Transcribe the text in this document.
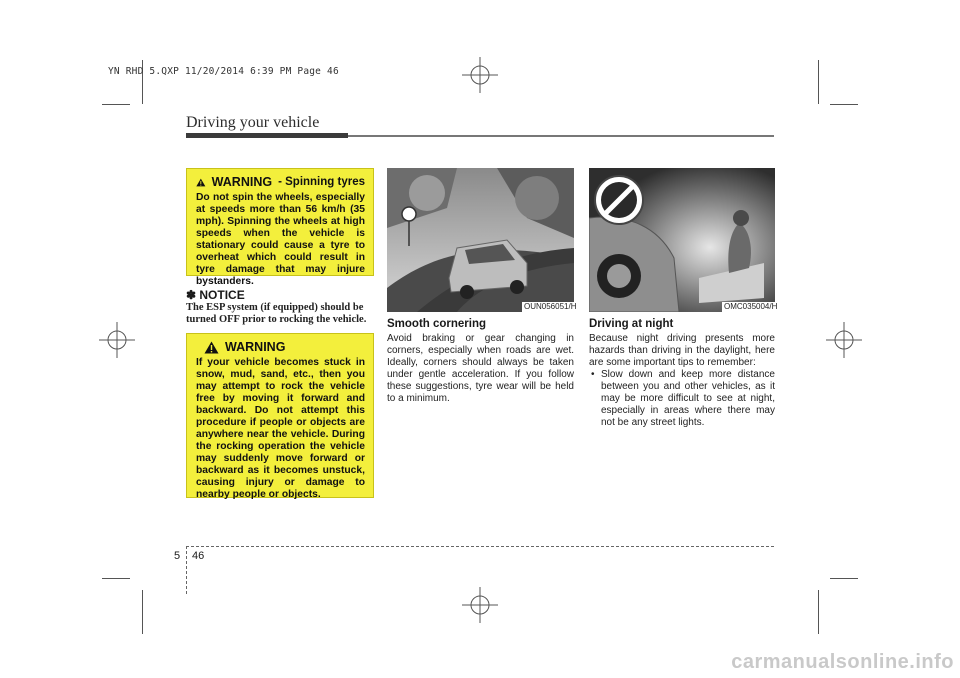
YN RHD 5.QXP 11/20/2014 6:39 PM Page 46
Driving your vehicle
WARNING - Spinning tyres
Do not spin the wheels, especially at speeds more than 56 km/h (35 mph). Spinning the wheels at high speeds when the vehicle is stationary could cause a tyre to overheat which could result in tyre damage that may injure bystanders.
✽ NOTICE
The ESP system (if equipped) should be turned OFF prior to rocking the vehicle.
WARNING
If your vehicle becomes stuck in snow, mud, sand, etc., then you may attempt to rock the vehicle free by moving it forward and backward. Do not attempt this procedure if people or objects are anywhere near the vehicle. During the rocking operation the vehicle may suddenly move forward or backward as it becomes unstuck, causing injury or damage to nearby people or objects.
OUN056051/H	OMC035004/H
Smooth cornering
Avoid braking or gear changing in corners, especially when roads are wet. Ideally, corners should always be taken under gentle acceleration. If you follow these suggestions, tyre wear will be held to a minimum.
Driving at night
Because night driving presents more hazards than driving in the daylight, here are some important tips to remember:
• Slow down and keep more distance between you and other vehicles, as it may be more difficult to see at night, especially in areas where there may not be any street lights.
5 46
carmanualsonline.info
